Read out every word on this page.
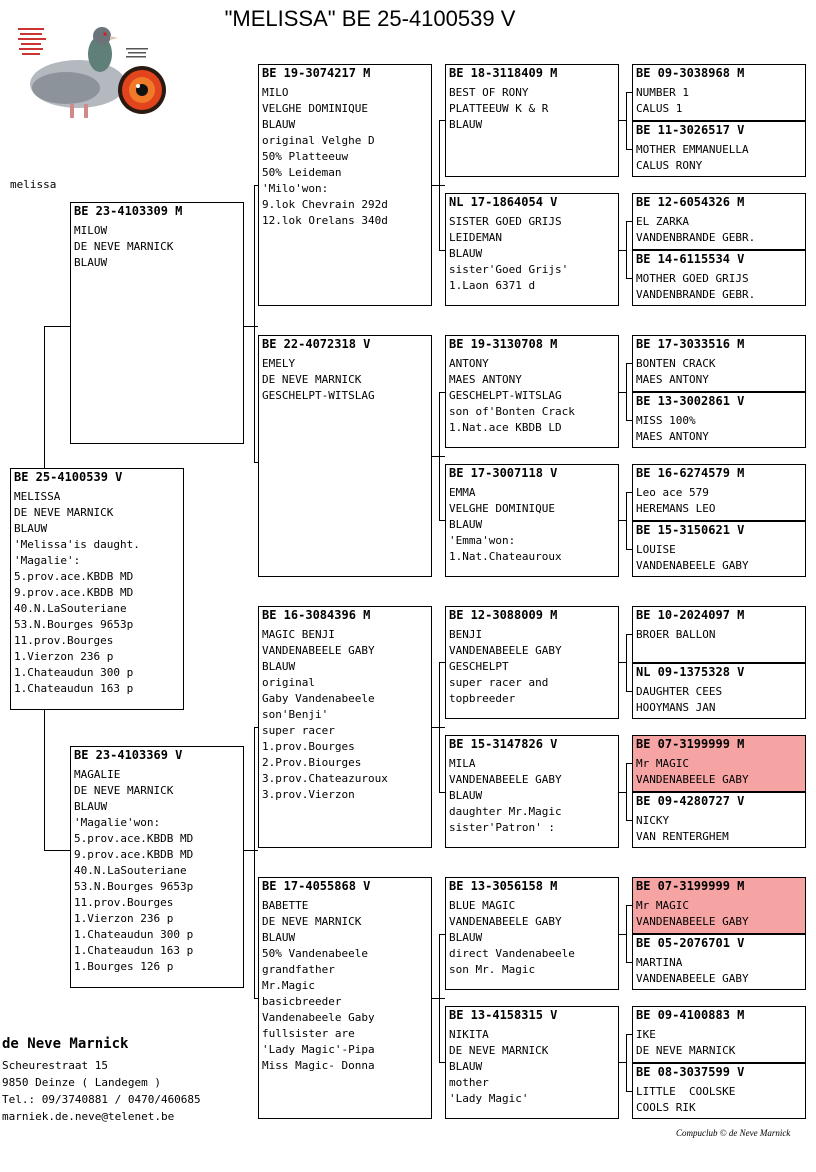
"MELISSA" BE 25-4100539 V
melissa
BE 25-4100539 V
MELISSA
DE NEVE MARNICK
BLAUW
'Melissa'is daught.
'Magalie':
5.prov.ace.KBDB MD
9.prov.ace.KBDB MD
40.N.LaSouteriane
53.N.Bourges 9653p
11.prov.Bourges
1.Vierzon 236 p
1.Chateaudun 300 p
1.Chateaudun 163 p
BE 23-4103309 M
MILOW
DE NEVE MARNICK
BLAUW
BE 23-4103369 V
MAGALIE
DE NEVE MARNICK
BLAUW
'Magalie'won:
5.prov.ace.KBDB MD
9.prov.ace.KBDB MD
40.N.LaSouteriane
53.N.Bourges 9653p
11.prov.Bourges
1.Vierzon 236 p
1.Chateaudun 300 p
1.Chateaudun 163 p
1.Bourges 126 p
BE 19-3074217 M
MILO
VELGHE DOMINIQUE
BLAUW
original Velghe D
50% Platteeuw
50% Leideman
'Milo'won:
9.lok Chevrain 292d
12.lok Orelans 340d
BE 22-4072318 V
EMELY
DE NEVE MARNICK
GESCHELPT-WITSLAG
BE 16-3084396 M
MAGIC BENJI
VANDENABEELE GABY
BLAUW
original
Gaby Vandenabeele
son'Benji'
super racer
1.prov.Bourges
2.Prov.Biourges
3.prov.Chateazuroux
3.prov.Vierzon
BE 17-4055868 V
BABETTE
DE NEVE MARNICK
BLAUW
50% Vandenabeele
grandfather
Mr.Magic
basicbreeder
Vandenabeele Gaby
fullsister are
'Lady Magic'-Pipa
Miss Magic- Donna
BE 18-3118409 M
BEST OF RONY
PLATTEEUW K & R
BLAUW
NL 17-1864054 V
SISTER GOED GRIJS
LEIDEMAN
BLAUW
sister'Goed Grijs'
1.Laon 6371 d
BE 19-3130708 M
ANTONY
MAES ANTONY
GESCHELPT-WITSLAG
son of'Bonten Crack
1.Nat.ace KBDB LD
BE 17-3007118 V
EMMA
VELGHE DOMINIQUE
BLAUW
'Emma'won:
1.Nat.Chateauroux
BE 12-3088009 M
BENJI
VANDENABEELE GABY
GESCHELPT
super racer and
topbreeder
BE 15-3147826 V
MILA
VANDENABEELE GABY
BLAUW
daughter Mr.Magic
sister'Patron' :
BE 13-3056158 M
BLUE MAGIC
VANDENABEELE GABY
BLAUW
direct Vandenabeele
son Mr. Magic
BE 13-4158315 V
NIKITA
DE NEVE MARNICK
BLAUW
mother
'Lady Magic'
BE 09-3038968 M
NUMBER 1
CALUS 1
BE 11-3026517 V
MOTHER EMMANUELLA
CALUS RONY
BE 12-6054326 M
EL ZARKA
VANDENBRANDE GEBR.
BE 14-6115534 V
MOTHER GOED GRIJS
VANDENBRANDE GEBR.
BE 17-3033516 M
BONTEN CRACK
MAES ANTONY
BE 13-3002861 V
MISS 100%
MAES ANTONY
BE 16-6274579 M
Leo ace 579
HEREMANS LEO
BE 15-3150621 V
LOUISE
VANDENABEELE GABY
BE 10-2024097 M
BROER BALLON
NL 09-1375328 V
DAUGHTER CEES
HOOYMANS JAN
BE 07-3199999 M
Mr MAGIC
VANDENABEELE GABY
BE 09-4280727 V
NICKY
VAN RENTERGHEM
BE 07-3199999 M
Mr MAGIC
VANDENABEELE GABY
BE 05-2076701 V
MARTINA
VANDENABEELE GABY
BE 09-4100883 M
IKE
DE NEVE MARNICK
BE 08-3037599 V
LITTLE  COOLSKE
COOLS RIK
de Neve Marnick
Scheurestraat 15
9850 Deinze ( Landegem )
Tel.: 09/3740881 / 0470/460685
marniek.de.neve@telenet.be
Compuclub © de Neve Marnick
